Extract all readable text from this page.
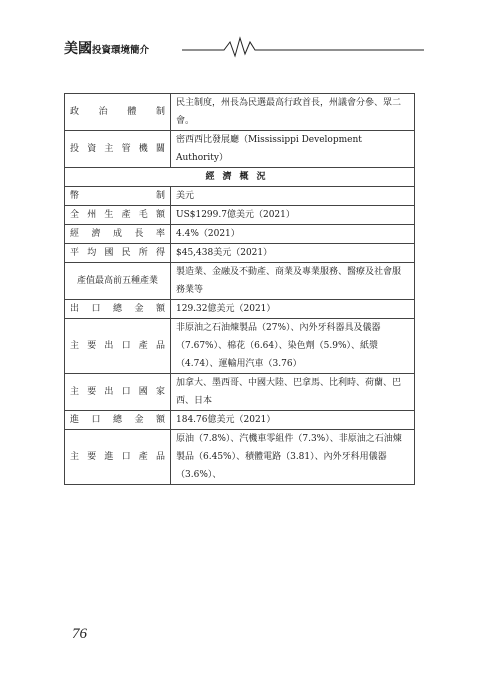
美國投資環境簡介
政　治　體　制	民主制度，州長為民選最高行政首長，州議會分參、眾二會。
投資主管機關	密西西比發展廳（Mississippi Development Authority）
經濟概況	
幣　　　　　制	美元
全州生產毛額	US$1299.7億美元（2021）
經濟成長率	4.4%（2021）
平均國民所得	$45,438美元（2021）
產值最高前五種產業	製造業、金融及不動產、商業及專業服務、醫療及社會服務業等
出　口　總　金　額	129.32億美元（2021）
主要出口產品	非原油之石油煉製品（27%）、內外牙科器具及儀器（7.67%）、棉花（6.64）、染色劑（5.9%）、紙漿（4.74）、運輸用汽車（3.76）
主要出口國家	加拿大、墨西哥、中國大陸、巴拿馬、比利時、荷蘭、巴西、日本
進　口　總　金　額	184.76億美元（2021）
主要進口產品	原油（7.8%）、汽機車零組件（7.3%）、非原油之石油煉製品（6.45%）、積體電路（3.81）、內外牙科用儀器（3.6%）、
76
